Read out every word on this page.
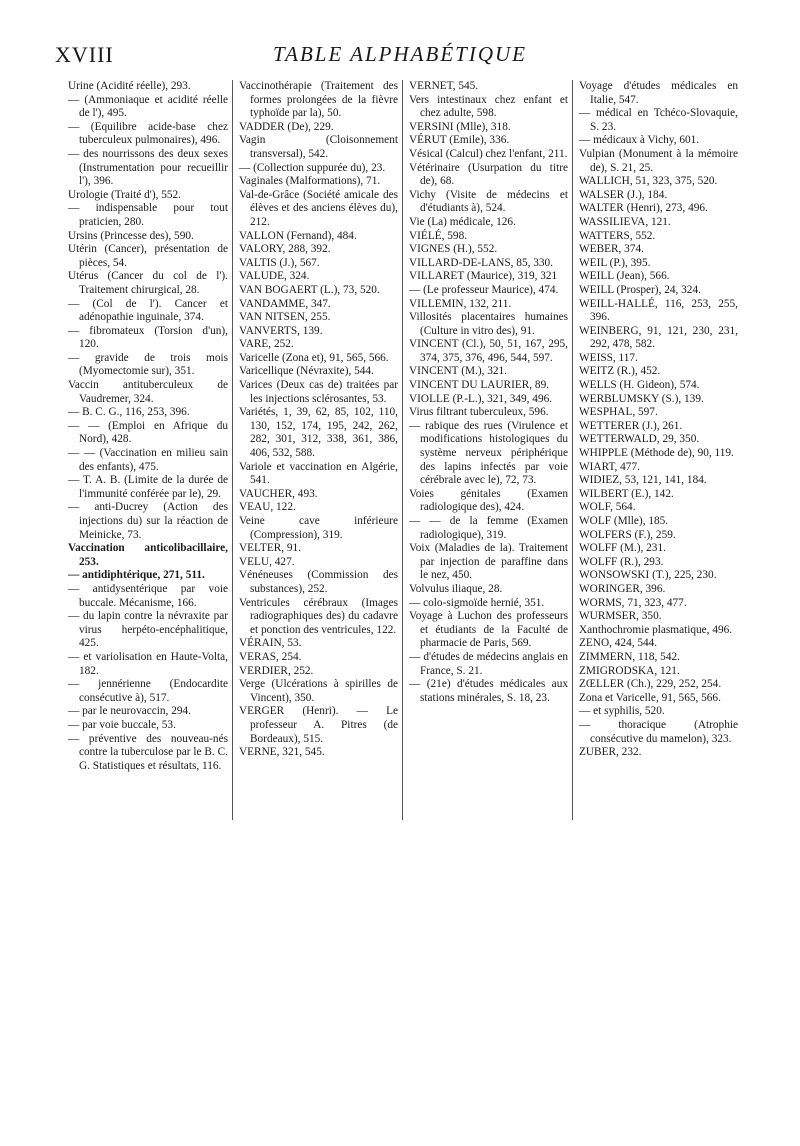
XVIII	TABLE ALPHABÉTIQUE

Urine (Acidité réelle), 293.

— (Ammoniaque et acidité réelle de l'), 495.

— (Equilibre acide-base chez tuberculeux pulmonaires), 496.

— des nourrissons des deux sexes (Instrumentation pour recueillir l'), 396.

Urologie (Traité d'), 552.

— indispensable pour tout praticien, 280.

Ursins (Princesse des), 590.

Utérin (Cancer), présentation de pièces, 54.

Utérus (Cancer du col de l'). Traitement chirurgical, 28.

— (Col de l'). Cancer et adénopathie inguinale, 374.

— fibromateux (Torsion d'un), 120.

— gravide de trois mois (Myomectomie sur), 351.

Vaccin antituberculeux de Vaudremer, 324.

— B. C. G., 116, 253, 396.

— — (Emploi en Afrique du Nord), 428.

— — (Vaccination en milieu sain des enfants), 475.

— T. A. B. (Limite de la durée de l'immunité conférée par le), 29.

— anti-Ducrey (Action des injections du) sur la réaction de Meinicke, 73.

Vaccination anticolibacillaire, 253.

— antidiphtérique, 271, 511.

— antidysentérique par voie buccale. Mécanisme, 166.

— du lapin contre la névraxite par virus herpéto-encéphalitique, 425.

— et variolisation en Haute-Volta, 182.

— jennérienne (Endocardite consécutive à), 517.

— par le neurovaccin, 294.

— par voie buccale, 53.

— préventive des nouveau-nés contre la tuberculose par le B. C. G. Statistiques et résultats, 116.

Vaccinothérapie (Traitement des formes prolongées de la fièvre typhoïde par la), 50.

VADDER (De), 229.

Vagin (Cloisonnement transversal), 542.

— (Collection suppurée du), 23.

Vaginales (Malformations), 71.

Val-de-Grâce (Société amicale des élèves et des anciens élèves du), 212.

VALLON (Fernand), 484.

VALORY, 288, 392.

VALTIS (J.), 567.

VALUDE, 324.

VAN BOGAERT (L.), 73, 520.

VANDAMME, 347.

VAN NITSEN, 255.

VANVERTS, 139.

VARE, 252.

Varicelle (Zona et), 91, 565, 566.

Varicellique (Névraxite), 544.

Varices (Deux cas de) traitées par les injections sclérosantes, 53.

Variétés, 1, 39, 62, 85, 102, 110, 130, 152, 174, 195, 242, 262, 282, 301, 312, 338, 361, 386, 406, 532, 588.

Variole et vaccination en Algérie, 541.

VAUCHER, 493.

VEAU, 122.

Veine cave inférieure (Compression), 319.

VELTER, 91.

VELU, 427.

Vénéneuses (Commission des substances), 252.

Ventricules cérébraux (Images radiographiques des) du cadavre et ponction des ventricules, 122.

VÉRAIN, 53.

VERAS, 254.

VERDIER, 252.

Verge (Ulcérations à spirilles de Vincent), 350.

VERGER (Henri). — Le professeur A. Pitres (de Bordeaux), 515.

VERNE, 321, 545.

VERNET, 545.

Vers intestinaux chez enfant et chez adulte, 598.

VERSINI (Mlle), 318.

VÉRUT (Emile), 336.

Vésical (Calcul) chez l'enfant, 211.

Vétérinaire (Usurpation du titre de), 68.

Vichy (Visite de médecins et d'étudiants à), 524.

Vie (La) médicale, 126.

VIÉLÉ, 598.

VIGNES (H.), 552.

VILLARD-DE-LANS, 85, 330.

VILLARET (Maurice), 319, 321

— (Le professeur Maurice), 474.

VILLEMIN, 132, 211.

Villosités placentaires humaines (Culture in vitro des), 91.

VINCENT (Cl.), 50, 51, 167, 295, 374, 375, 376, 496, 544, 597.

VINCENT (M.), 321.

VINCENT DU LAURIER, 89.

VIOLLE (P.-L.), 321, 349, 496.

Virus filtrant tuberculeux, 596.

— rabique des rues (Virulence et modifications histologiques du système nerveux périphérique des lapins infectés par voie cérébrale avec le), 72, 73.

Voies génitales (Examen radiologique des), 424.

— — de la femme (Examen radiologique), 319.

Voix (Maladies de la). Traitement par injection de paraffine dans le nez, 450.

Volvulus iliaque, 28.

— colo-sigmoïde hernié, 351.

Voyage à Luchon des professeurs et étudiants de la Faculté de pharmacie de Paris, 569.

— d'études de médecins anglais en France, S. 21.

— (21e) d'études médicales aux stations minérales, S. 18, 23.

Voyage d'études médicales en Italie, 547.

— médical en Tchéco-Slovaquie, S. 23.

— médicaux à Vichy, 601.

Vulpian (Monument à la mémoire de), S. 21, 25.

WALLICH, 51, 323, 375, 520.

WALSER (J.), 184.

WALTER (Henri), 273, 496.

WASSILIEVA, 121.

WATTERS, 552.

WEBER, 374.

WEIL (P.), 395.

WEILL (Jean), 566.

WEILL (Prosper), 24, 324.

WEILL-HALLÉ, 116, 253, 255, 396.

WEINBERG, 91, 121, 230, 231, 292, 478, 582.

WEISS, 117.

WEITZ (R.), 452.

WELLS (H. Gideon), 574.

WERBLUMSKY (S.), 139.

WESPHAL, 597.

WETTERER (J.), 261.

WETTERWALD, 29, 350.

WHIPPLE (Méthode de), 90, 119.

WIART, 477.

WIDIEZ, 53, 121, 141, 184.

WILBERT (E.), 142.

WOLF, 564.

WOLF (Mlle), 185.

WOLFERS (F.), 259.

WOLFF (M.), 231.

WOLFF (R.), 293.

WONSOWSKI (T.), 225, 230.

WORINGER, 396.

WORMS, 71, 323, 477.

WURMSER, 350.

Xanthochromie plasmatique, 496.

ZENO, 424, 544.

ZIMMERN, 118, 542.

ZMIGRODSKA, 121.

ZŒLLER (Ch.), 229, 252, 254.

Zona et Varicelle, 91, 565, 566.

— et syphilis, 520.

— thoracique (Atrophie consécutive du mamelon), 323.

ZUBER, 232.
